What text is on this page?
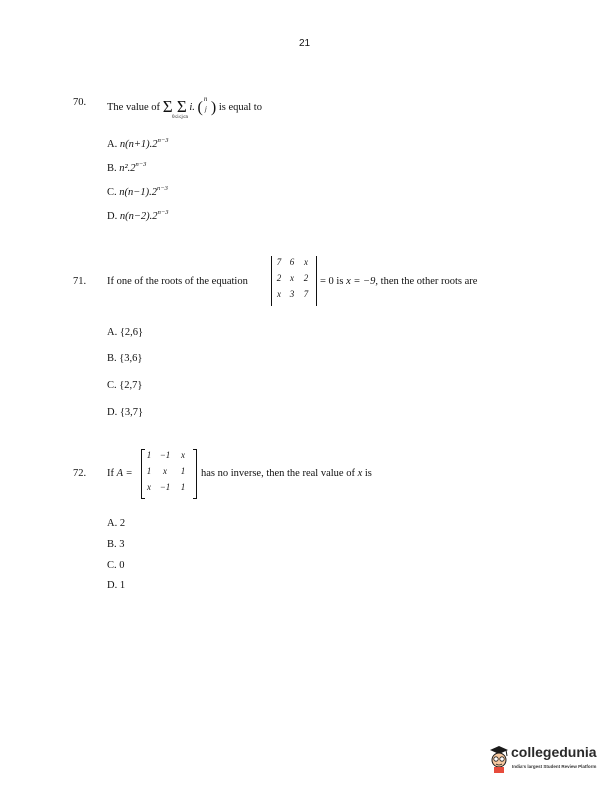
21
70. The value of Σ Σ i. (
n
j ) is equal to
0≤i≤j≤n
A. $n(n+1).2^{n-3}$
B. $n^2.2^{n-3}$
C. $n(n-1).2^{n-3}$
D. $n(n-2).2^{n-3}$
71. If one of the roots of the equation
7 6	x
2 x	2
x 3	7
= 0 is x = −9, then the other roots are
A. {2,6}
B. {3,6}
C. {2,7}
D. {3,7}
72. If A =
1 −1	x
1	x	1
x −1	1
has no inverse, then the real value of x is
A. 2
B. 3
C. 0
D. 1
collegedunia
India's largest Student Review Platform
